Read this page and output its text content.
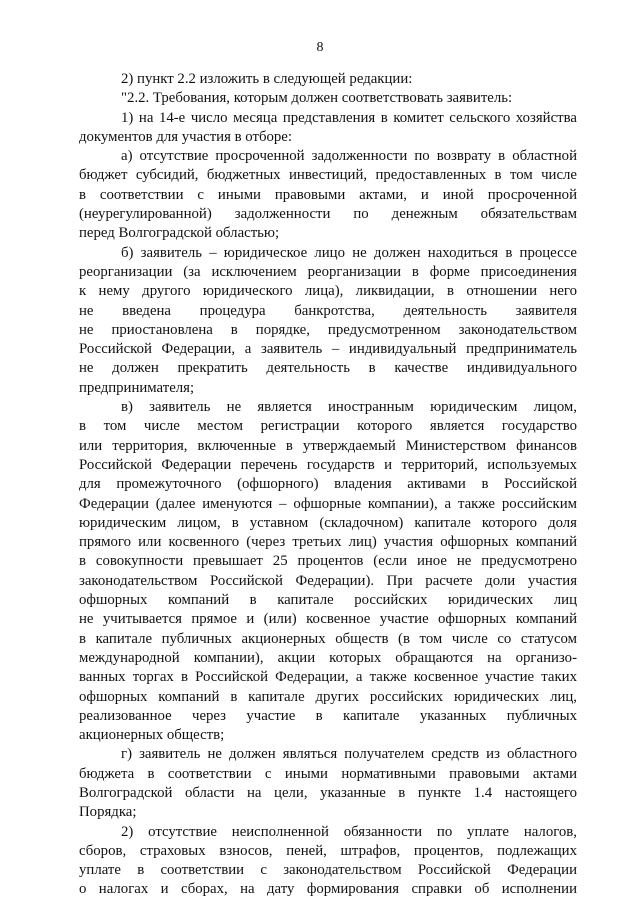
8
2) пункт 2.2 изложить в следующей редакции:
"2.2. Требования, которым должен соответствовать заявитель:
1) на 14-е число месяца представления в комитет сельского хозяйства
документов для участия в отборе:
а) отсутствие просроченной задолженности по возврату в областной
бюджет субсидий, бюджетных инвестиций, предоставленных в том числе
в соответствии с иными правовыми актами, и иной просроченной
(неурегулированной) задолженности по денежным обязательствам
перед Волгоградской областью;
б) заявитель – юридическое лицо не должен находиться в процессе
реорганизации (за исключением реорганизации в форме присоединения
к нему другого юридического лица), ликвидации, в отношении него
не введена процедура банкротства, деятельность заявителя
не приостановлена в порядке, предусмотренном законодательством
Российской Федерации, а заявитель – индивидуальный предприниматель
не должен прекратить деятельность в качестве индивидуального
предпринимателя;
в) заявитель не является иностранным юридическим лицом,
в том числе местом регистрации которого является государство
или территория, включенные в утверждаемый Министерством финансов
Российской Федерации перечень государств и территорий, используемых
для промежуточного (офшорного) владения активами в Российской
Федерации (далее именуются – офшорные компании), а также российским
юридическим лицом, в уставном (складочном) капитале которого доля
прямого или косвенного (через третьих лиц) участия офшорных компаний
в совокупности превышает 25 процентов (если иное не предусмотрено
законодательством Российской Федерации). При расчете доли участия
офшорных компаний в капитале российских юридических лиц
не учитывается прямое и (или) косвенное участие офшорных компаний
в капитале публичных акционерных обществ (в том числе со статусом
международной компании), акции которых обращаются на организо-
ванных торгах в Российской Федерации, а также косвенное участие таких
офшорных компаний в капитале других российских юридических лиц,
реализованное через участие в капитале указанных публичных
акционерных обществ;
г) заявитель не должен являться получателем средств из областного
бюджета в соответствии с иными нормативными правовыми актами
Волгоградской области на цели, указанные в пункте 1.4 настоящего
Порядка;
2) отсутствие неисполненной обязанности по уплате налогов,
сборов, страховых взносов, пеней, штрафов, процентов, подлежащих
уплате в соответствии с законодательством Российской Федерации
о налогах и сборах, на дату формирования справки об исполнении
